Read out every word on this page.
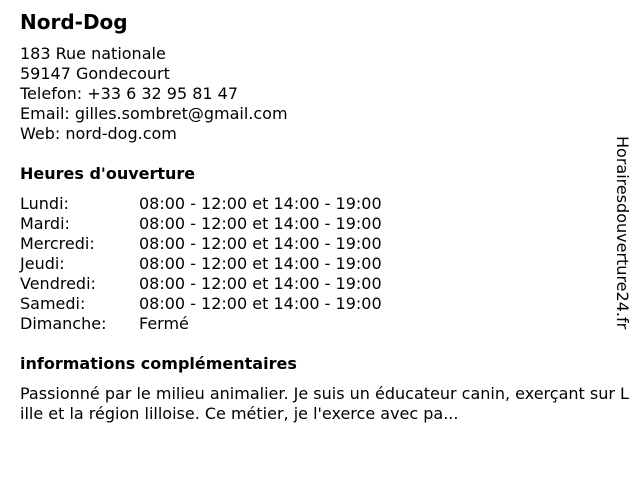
Nord-Dog
183 Rue nationale
59147 Gondecourt
Telefon: +33 6 32 95 81 47
Email: gilles.sombret@gmail.com
Web: nord-dog.com
Heures d'ouverture
Lundi:	08:00 - 12:00 et 14:00 - 19:00
Mardi:	08:00 - 12:00 et 14:00 - 19:00
Mercredi:	08:00 - 12:00 et 14:00 - 19:00
Jeudi:	08:00 - 12:00 et 14:00 - 19:00
Vendredi:	08:00 - 12:00 et 14:00 - 19:00
Samedi:	08:00 - 12:00 et 14:00 - 19:00
Dimanche: Fermé
informations complémentaires
Passionné par le milieu animalier. Je suis un éducateur canin, exerçant sur Lille et la région lilloise. Ce métier, je l'exerce avec pa...
Horairesdouverture24.fr
